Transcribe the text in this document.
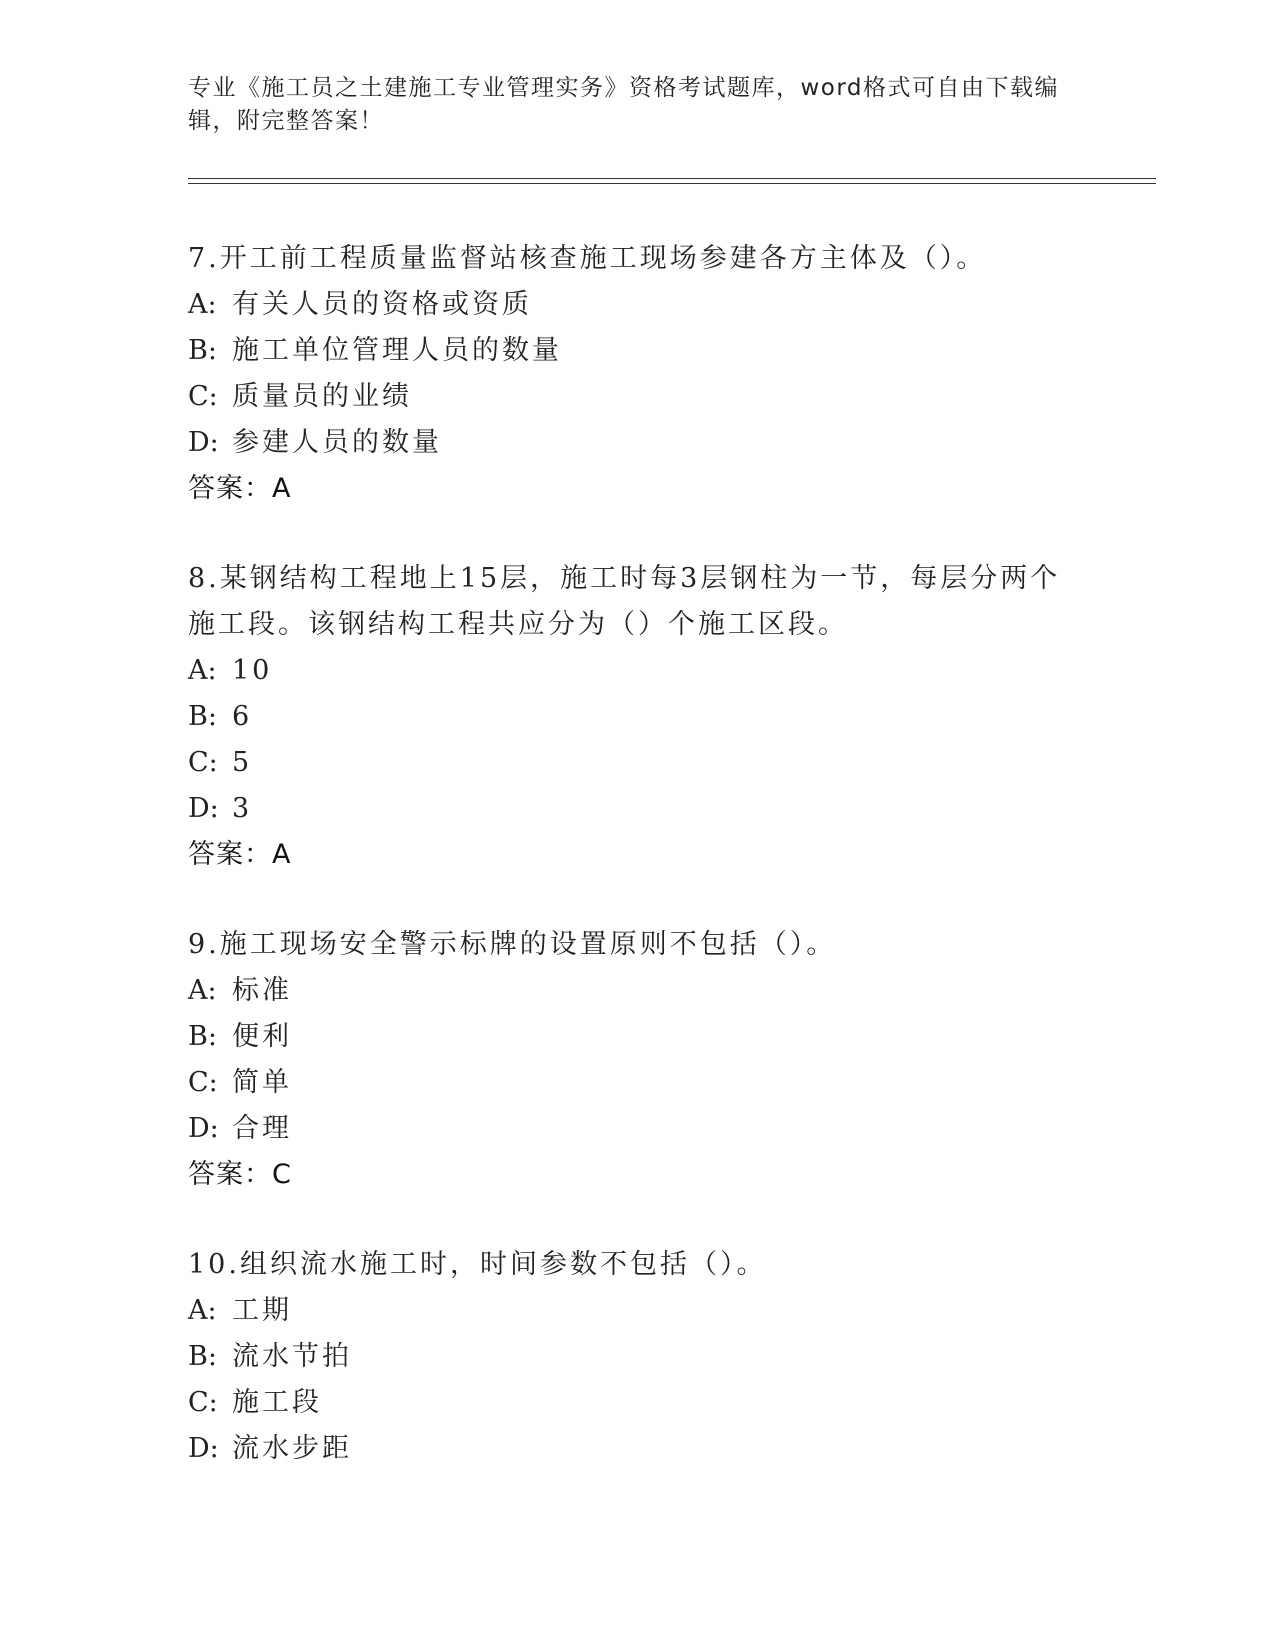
专业《施工员之土建施工专业管理实务》资格考试题库，word格式可自由下载编辑，附完整答案！
7.开工前工程质量监督站核查施工现场参建各方主体及（）。
A: 有关人员的资格或资质
B: 施工单位管理人员的数量
C: 质量员的业绩
D: 参建人员的数量
答案：A
8.某钢结构工程地上15层，施工时每3层钢柱为一节，每层分两个施工段。该钢结构工程共应分为（）个施工区段。
A: 10
B: 6
C: 5
D: 3
答案：A
9.施工现场安全警示标牌的设置原则不包括（）。
A: 标准
B: 便利
C: 简单
D: 合理
答案：C
10.组织流水施工时，时间参数不包括（）。
A: 工期
B: 流水节拍
C: 施工段
D: 流水步距
